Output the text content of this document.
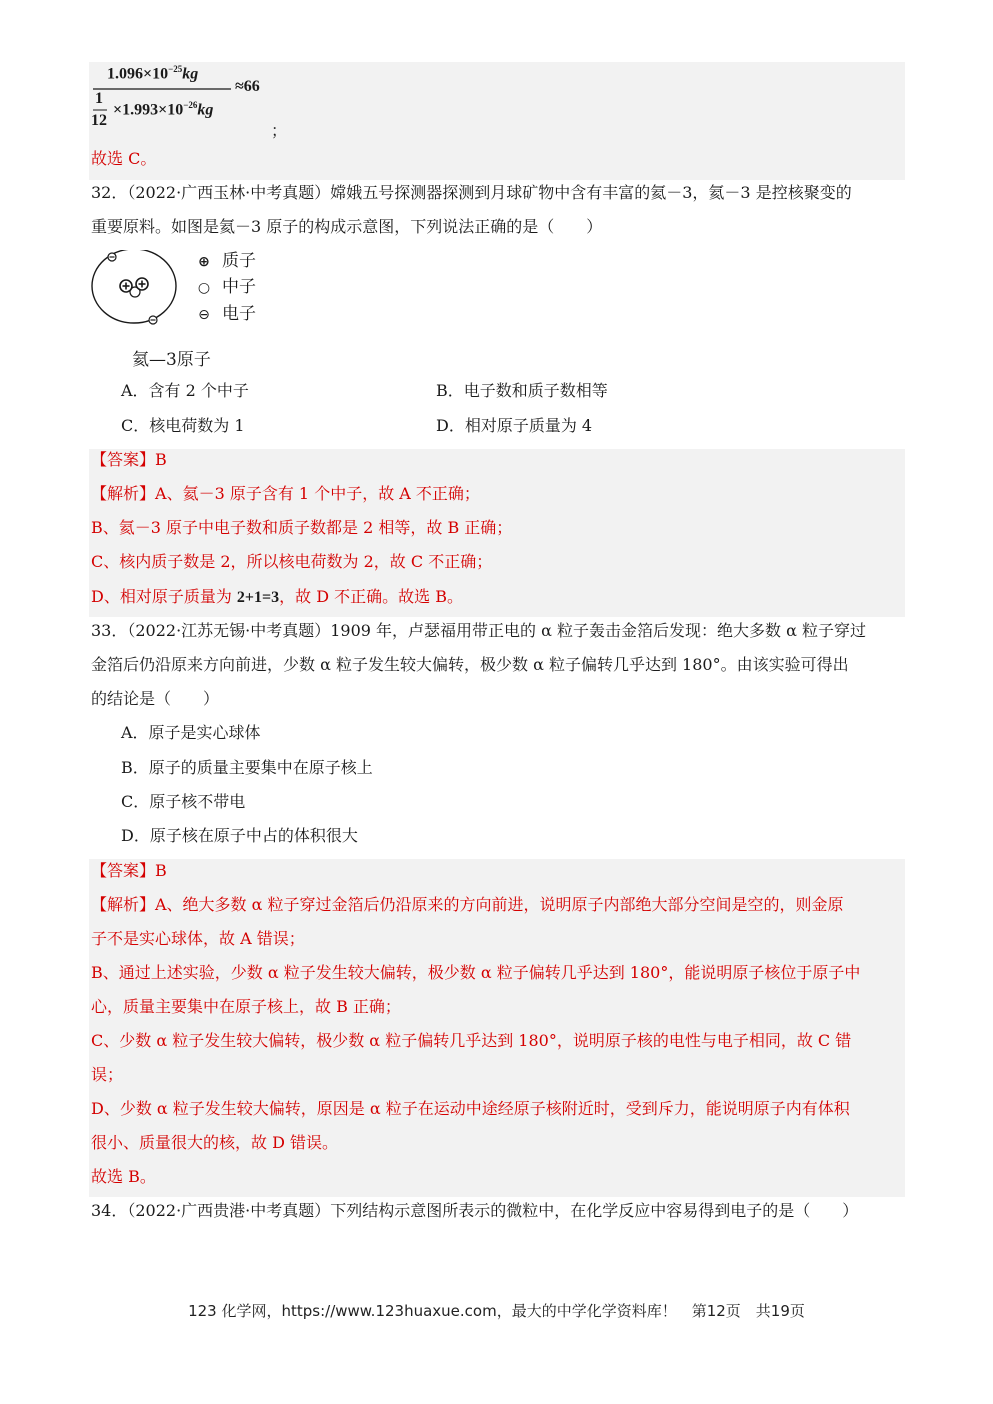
$1.096\times 10^{-25}kg$
1
12
$\times 1.993\times 10^{-26}kg$
≈66
；
故选 C。
32．（2022·广西玉林·中考真题）嫦娥五号探测器探测到月球矿物中含有丰富的氦－3，氦－3 是控核聚变的
重要原料。如图是氦－3 原子的构成示意图，下列说法正确的是（　　）
⊕ 质子
○ 中子
⊖ 电子
氦—3原子
A．含有 2 个中子	B．电子数和质子数相等
C．核电荷数为 1	D．相对原子质量为 4
【答案】B
【解析】A、氦－3 原子含有 1 个中子，故 A 不正确；
B、氦－3 原子中电子数和质子数都是 2 相等，故 B 正确；
C、核内质子数是 2，所以核电荷数为 2，故 C 不正确；
D、相对原子质量为 2+1=3，故 D 不正确。故选 B。
33．（2022·江苏无锡·中考真题）1909 年，卢瑟福用带正电的 α 粒子轰击金箔后发现：绝大多数 α 粒子穿过
金箔后仍沿原来方向前进，少数 α 粒子发生较大偏转，极少数 α 粒子偏转几乎达到 180°。由该实验可得出
的结论是（　　）
A．原子是实心球体
B．原子的质量主要集中在原子核上
C．原子核不带电
D．原子核在原子中占的体积很大
【答案】B
【解析】A、绝大多数 α 粒子穿过金箔后仍沿原来的方向前进，说明原子内部绝大部分空间是空的，则金原
子不是实心球体，故 A 错误；
B、通过上述实验，少数 α 粒子发生较大偏转，极少数 α 粒子偏转几乎达到 180°，能说明原子核位于原子中
心，质量主要集中在原子核上，故 B 正确；
C、少数 α 粒子发生较大偏转，极少数 α 粒子偏转几乎达到 180°，说明原子核的电性与电子相同，故 C 错
误；
D、少数 α 粒子发生较大偏转，原因是 α 粒子在运动中途经原子核附近时，受到斥力，能说明原子内有体积
很小、质量很大的核，故 D 错误。
故选 B。
34．（2022·广西贵港·中考真题）下列结构示意图所表示的微粒中，在化学反应中容易得到电子的是（　　）
123 化学网，https://www.123huaxue.com，最大的中学化学资料库！　第12页　共19页
